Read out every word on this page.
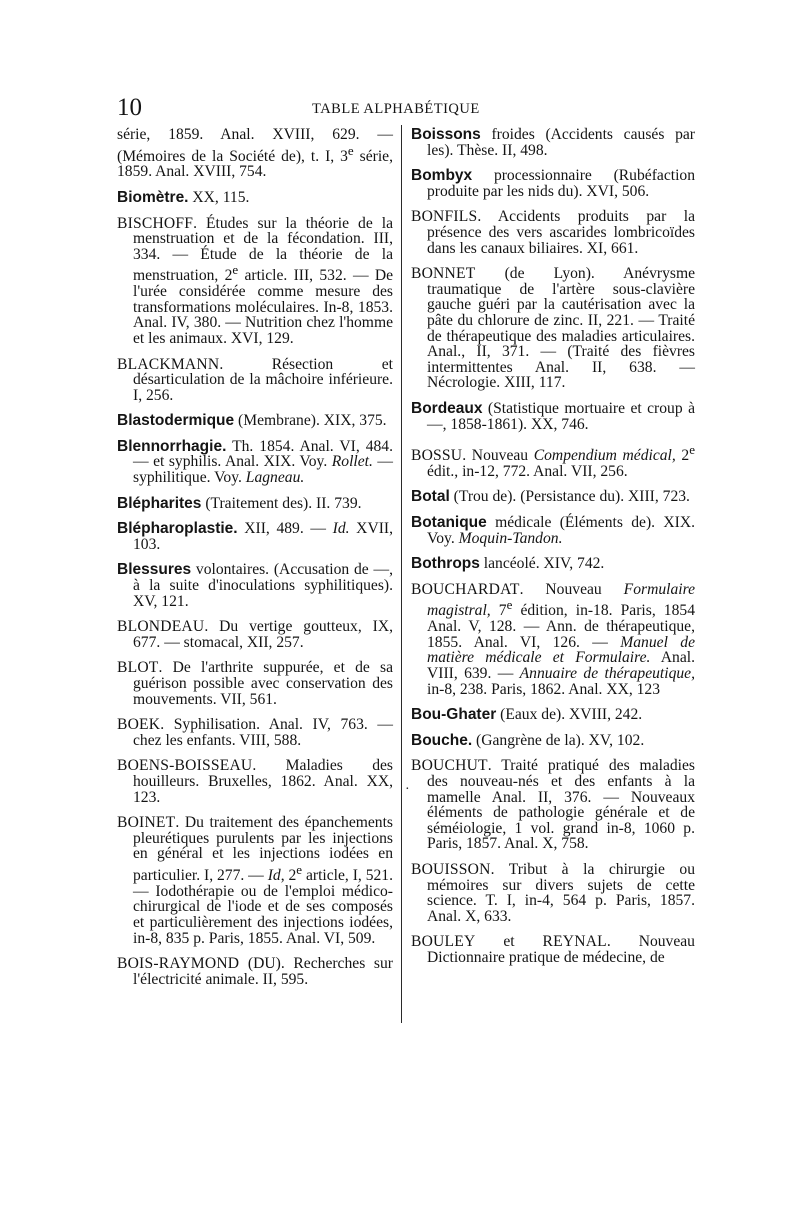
10	TABLE ALPHABÉTIQUE

série, 1859. Anal. XVIII, 629. — (Mémoires de la Société de), t. I, 3e série, 1859. Anal. XVIII, 754.

Biomètre. XX, 115.

BISCHOFF. Études sur la théorie de la menstruation et de la fécondation. III, 334. — Étude de la théorie de la menstruation, 2e article. III, 532. — De l'urée considérée comme mesure des transformations moléculaires. In-8, 1853. Anal. IV, 380. — Nutrition chez l'homme et les animaux. XVI, 129.

BLACKMANN. Résection et désarticulation de la mâchoire inférieure. I, 256.

Blastodermique (Membrane). XIX, 375.

Blennorrhagie. Th. 1854. Anal. VI, 484. — et syphilis. Anal. XIX. Voy. Rollet. — syphilitique. Voy. Lagneau.

Blépharites (Traitement des). II. 739.

Blépharoplastie. XII, 489. — Id. XVII, 103.

Blessures volontaires. (Accusation de —, à la suite d'inoculations syphilitiques). XV, 121.

BLONDEAU. Du vertige goutteux, IX, 677. — stomacal, XII, 257.

BLOT. De l'arthrite suppurée, et de sa guérison possible avec conservation des mouvements. VII, 561.

BOEK. Syphilisation. Anal. IV, 763. — chez les enfants. VIII, 588.

BOENS-BOISSEAU. Maladies des houilleurs. Bruxelles, 1862. Anal. XX, 123.

BOINET. Du traitement des épanchements pleurétiques purulents par les injections en général et les injections iodées en particulier. I, 277. — Id, 2e article, I, 521. — Iodothérapie ou de l'emploi médico-chirurgical de l'iode et de ses composés et particulièrement des injections iodées, in-8, 835 p. Paris, 1855. Anal. VI, 509.

BOIS-RAYMOND (DU). Recherches sur l'électricité animale. II, 595.

·

Boissons froides (Accidents causés par les). Thèse. II, 498.

Bombyx processionnaire (Rubéfaction produite par les nids du). XVI, 506.

BONFILS. Accidents produits par la présence des vers ascarides lombricoïdes dans les canaux biliaires. XI, 661.

BONNET (de Lyon). Anévrysme traumatique de l'artère sous-clavière gauche guéri par la cautérisation avec la pâte du chlorure de zinc. II, 221. — Traité de thérapeutique des maladies articulaires. Anal., II, 371. — (Traité des fièvres intermittentes Anal. II, 638. — Nécrologie. XIII, 117.

Bordeaux (Statistique mortuaire et croup à —, 1858-1861). XX, 746.

BOSSU. Nouveau Compendium médical, 2e édit., in-12, 772. Anal. VII, 256.

Botal (Trou de). (Persistance du). XIII, 723.

Botanique médicale (Éléments de). XIX. Voy. Moquin-Tandon.

Bothrops lancéolé. XIV, 742.

BOUCHARDAT. Nouveau Formulaire magistral, 7e édition, in-18. Paris, 1854 Anal. V, 128. — Ann. de thérapeutique, 1855. Anal. VI, 126. — Manuel de matière médicale et Formulaire. Anal. VIII, 639. — Annuaire de thérapeutique, in-8, 238. Paris, 1862. Anal. XX, 123

Bou-Ghater (Eaux de). XVIII, 242.

Bouche. (Gangrène de la). XV, 102.

BOUCHUT. Traité pratiqué des maladies des nouveau-nés et des enfants à la mamelle Anal. II, 376. — Nouveaux éléments de pathologie générale et de séméiologie, 1 vol. grand in-8, 1060 p. Paris, 1857. Anal. X, 758.

BOUISSON. Tribut à la chirurgie ou mémoires sur divers sujets de cette science. T. I, in-4, 564 p. Paris, 1857. Anal. X, 633.

BOULEY et REYNAL. Nouveau Dictionnaire pratique de médecine, de
